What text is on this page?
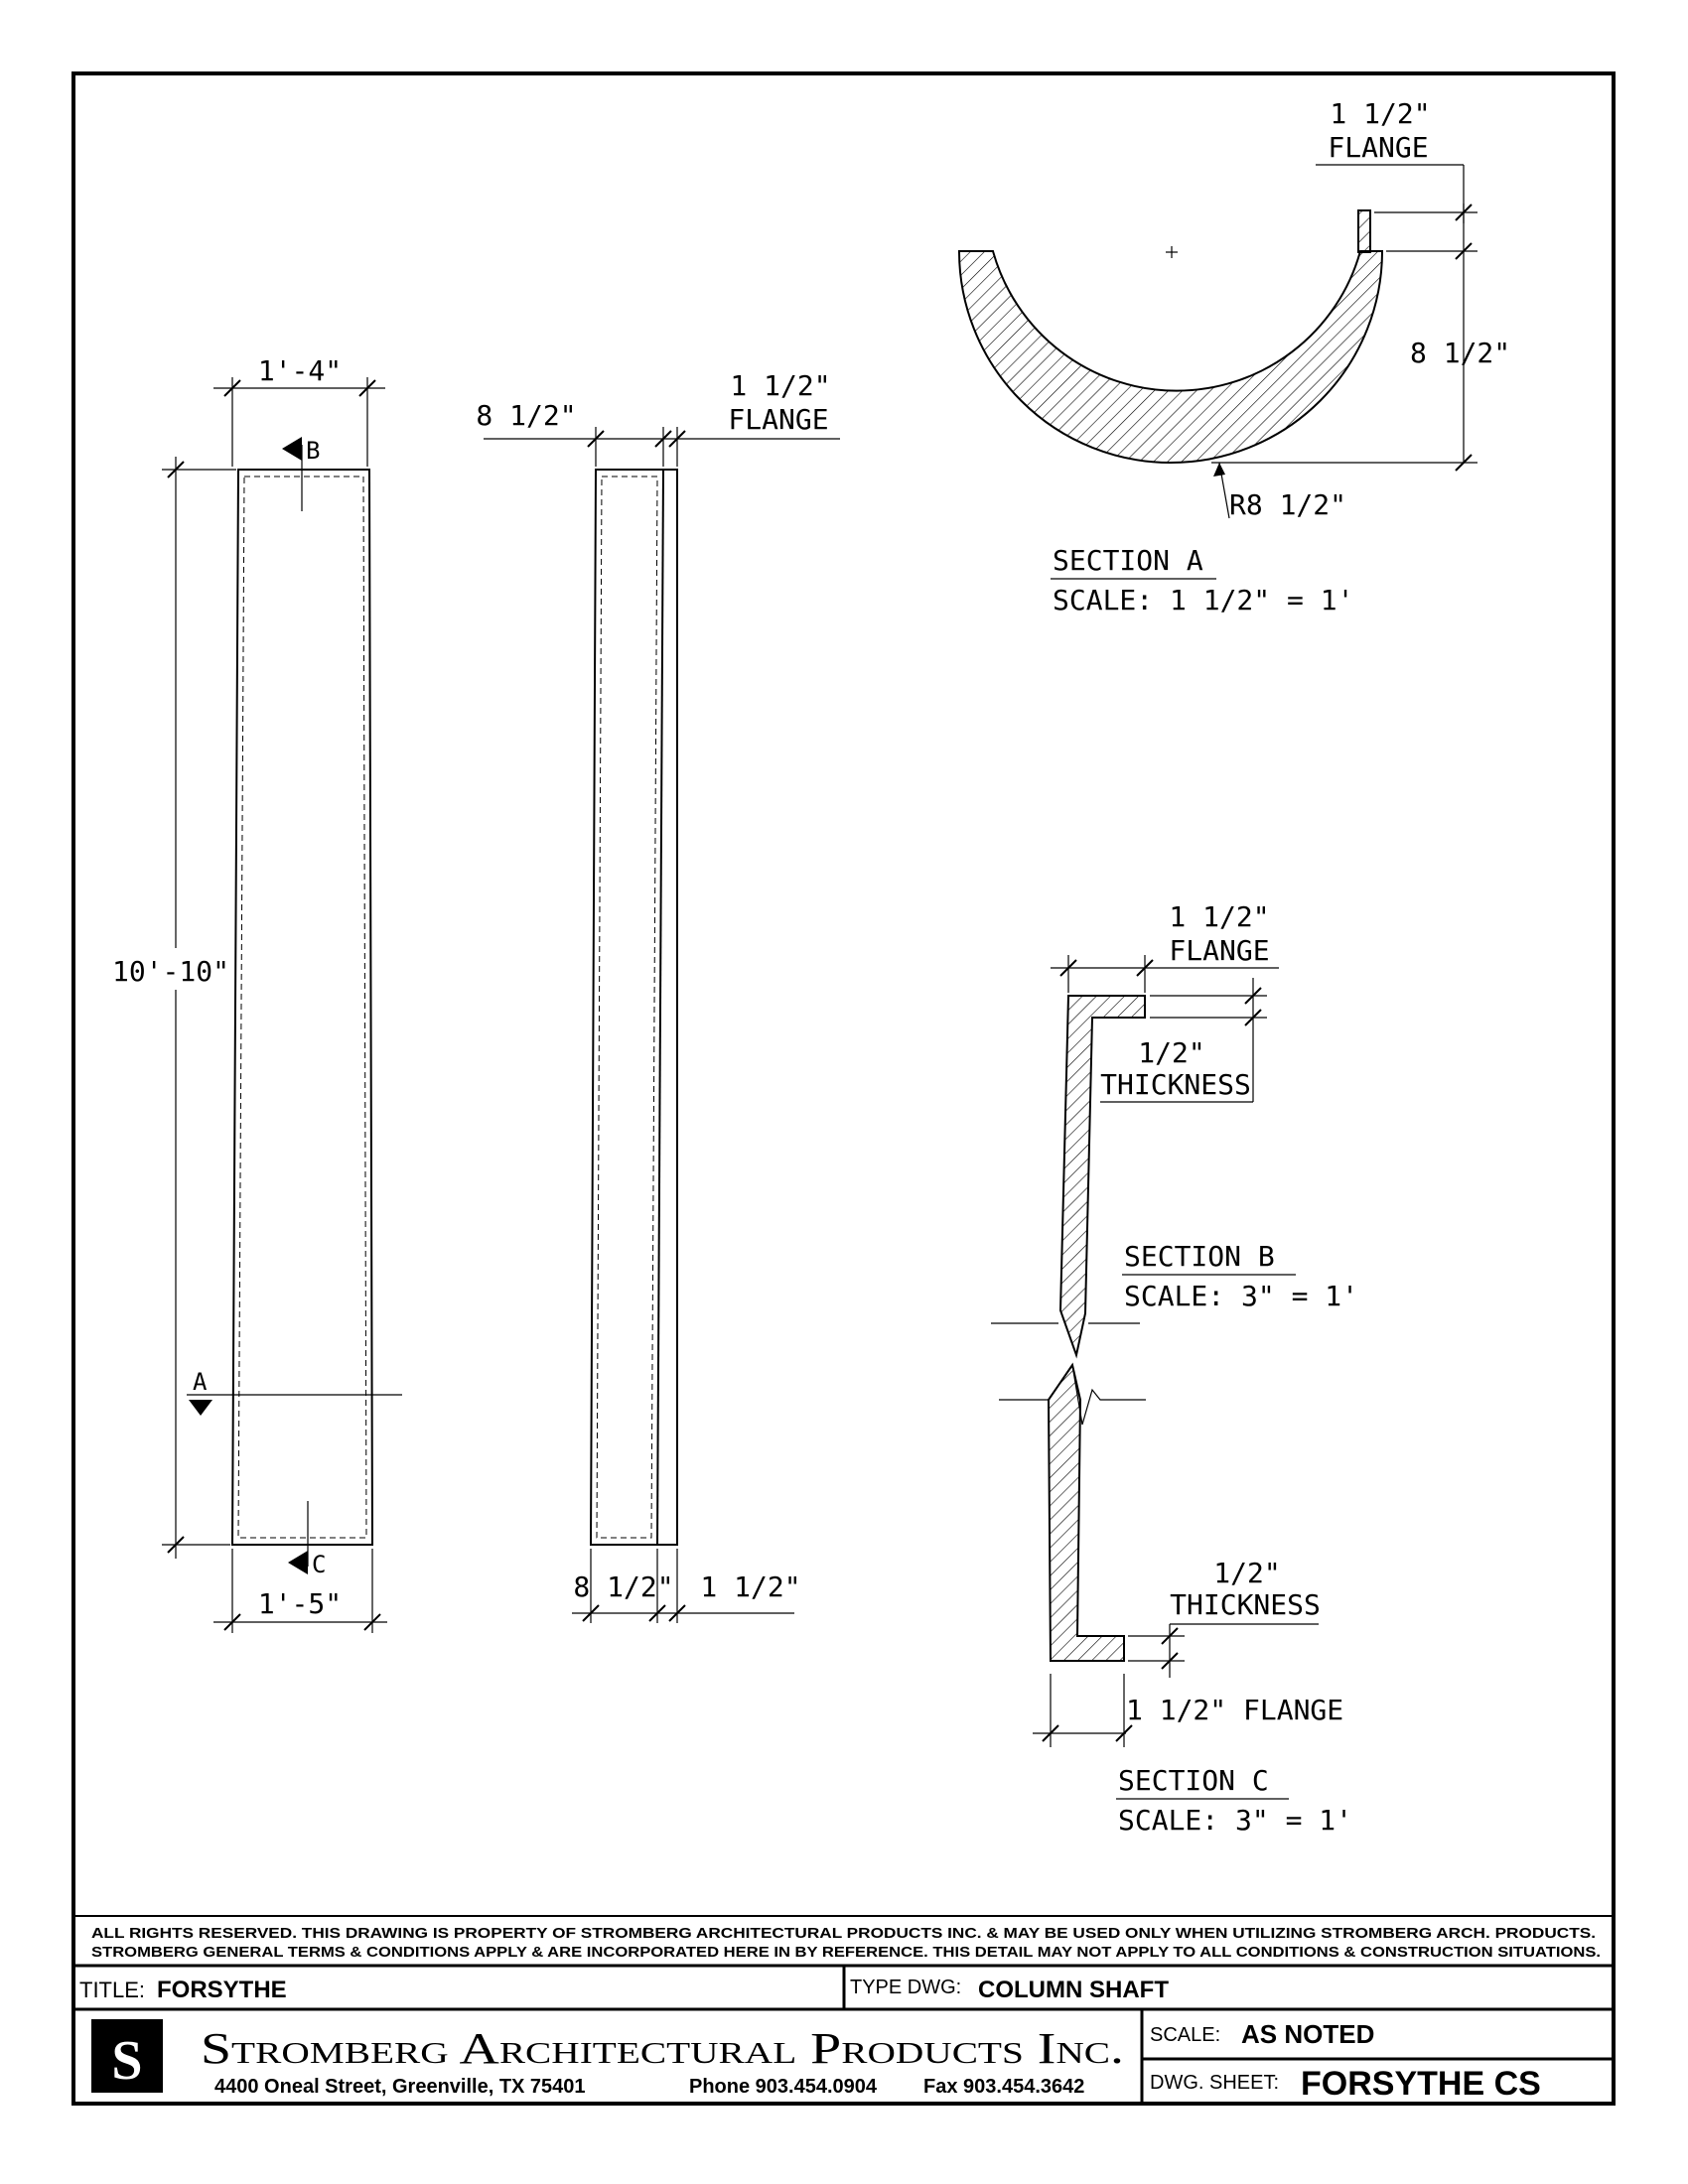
1'-4"
10'-10"
1'-5"
B
C
A
8 1/2"
1 1/2"
FLANGE
8 1/2" 1 1/2"
1 1/2"
FLANGE
8 1/2"
R8 1/2"
SECTION A
SCALE: 1 1/2" = 1'
1 1/2"
FLANGE
1/2"
THICKNESS
SECTION B
SCALE: 3" = 1'
1/2"
THICKNESS
1 1/2" FLANGE
SECTION C
SCALE: 3" = 1'
ALL RIGHTS RESERVED. THIS DRAWING IS PROPERTY OF STROMBERG ARCHITECTURAL PRODUCTS INC. & MAY BE USED ONLY WHEN UTILIZING STROMBERG ARCH. PRODUCTS.
STROMBERG GENERAL TERMS & CONDITIONS APPLY & ARE INCORPORATED HERE IN BY REFERENCE. THIS DETAIL MAY NOT APPLY TO ALL CONDITIONS & CONSTRUCTION SITUATIONS.
TITLE: FORSYTHE	TYPE DWG: COLUMN SHAFT
S Stromberg Architectural Products Inc.
4400 Oneal Street, Greenville, TX 75401	Phone 903.454.0904 Fax 903.454.3642
SCALE: AS NOTED
DWG. SHEET: FORSYTHE CS
